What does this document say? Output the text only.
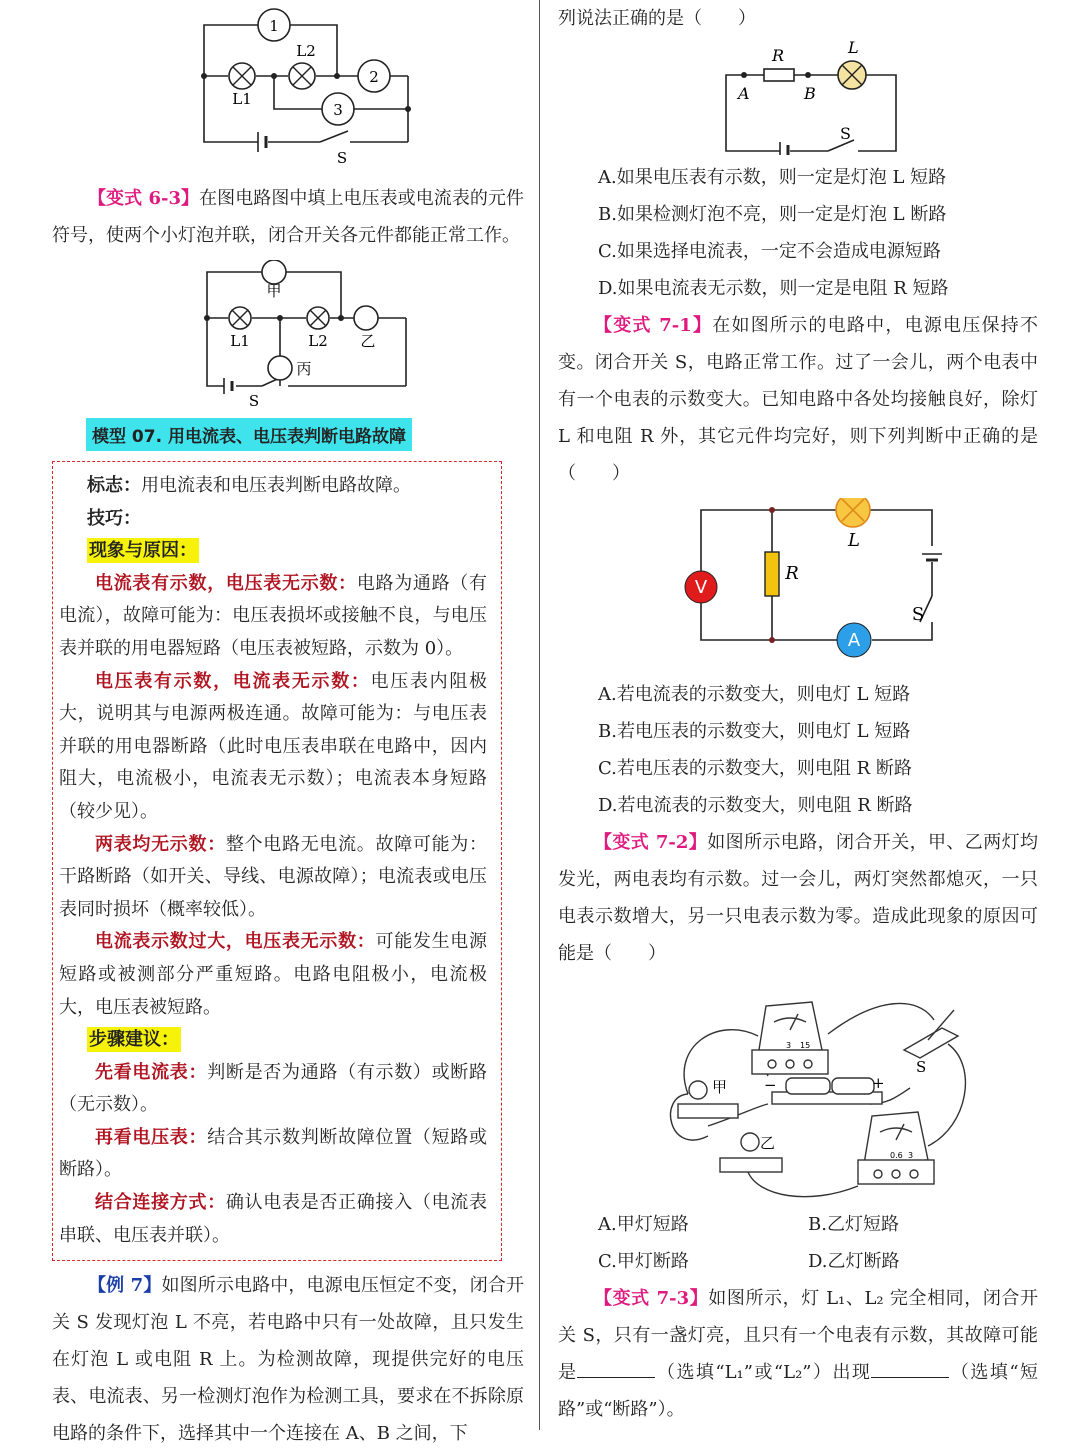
1
2
3
L2
L1
S

【变式 6-3】在图电路图中填上电压表或电流表的元件符号，使两个小灯泡并联，闭合开关各元件都能正常工作。

甲
L1	L2 乙
丙
S
模型 07. 用电流表、电压表判断电路故障

标志：用电流表和电压表判断电路故障。

技巧：

现象与原因：

电流表有示数，电压表无示数：电路为通路（有电流），故障可能为：电压表损坏或接触不良，与电压表并联的用电器短路（电压表被短路，示数为 0）。

电压表有示数，电流表无示数：电压表内阻极大，说明其与电源两极连通。故障可能为：与电压表并联的用电器断路（此时电压表串联在电路中，因内阻大，电流极小，电流表无示数）；电流表本身短路（较少见）。

两表均无示数：整个电路无电流。故障可能为：干路断路（如开关、导线、电源故障）；电流表或电压表同时损坏（概率较低）。

电流表示数过大，电压表无示数：可能发生电源短路或被测部分严重短路。电路电阻极小，电流极大，电压表被短路。

步骤建议：

先看电流表：判断是否为通路（有示数）或断路（无示数）。

再看电压表：结合其示数判断故障位置（短路或断路）。

结合连接方式：确认电表是否正确接入（电流表串联、电压表并联）。

【例 7】如图所示电路中，电源电压恒定不变，闭合开关 S 发现灯泡 L 不亮，若电路中只有一处故障，且只发生在灯泡 L 或电阻 R 上。为检测故障，现提供完好的电压表、电流表、另一检测灯泡作为检测工具，要求在不拆除原电路的条件下，选择其中一个连接在 A、B 之间，下

列说法正确的是（　　）

R	L
A	B
S

A.如果电压表有示数，则一定是灯泡 L 短路

B.如果检测灯泡不亮，则一定是灯泡 L 断路

C.如果选择电流表，一定不会造成电源短路

D.如果电流表无示数，则一定是电阻 R 短路

【变式 7-1】在如图所示的电路中，电源电压保持不变。闭合开关 S，电路正常工作。过了一会儿，两个电表中有一个电表的示数变大。已知电路中各处均接触良好，除灯 L 和电阻 R 外，其它元件均完好，则下列判断中正确的是（　　）

V
R
L
S
A

A.若电流表的示数变大，则电灯 L 短路

B.若电压表的示数变大，则电灯 L 短路

C.若电压表的示数变大，则电阻 R 断路

D.若电流表的示数变大，则电阻 R 断路

【变式 7-2】如图所示电路，闭合开关，甲、乙两灯均发光，两电表均有示数。过一会儿，两灯突然都熄灭，一只电表示数增大，另一只电表示数为零。造成此现象的原因可能是（　　）

甲
乙
S
−	+
3 15
0.6 3
A.甲灯短路	B.乙灯短路
C.甲灯断路	D.乙灯断路

【变式 7-3】如图所示，灯 L₁、L₂ 完全相同，闭合开关 S，只有一盏灯亮，且只有一个电表有示数，其故障可能是	（选填“L₁”或“L₂”）出现	（选填“短路”或“断路”）。
